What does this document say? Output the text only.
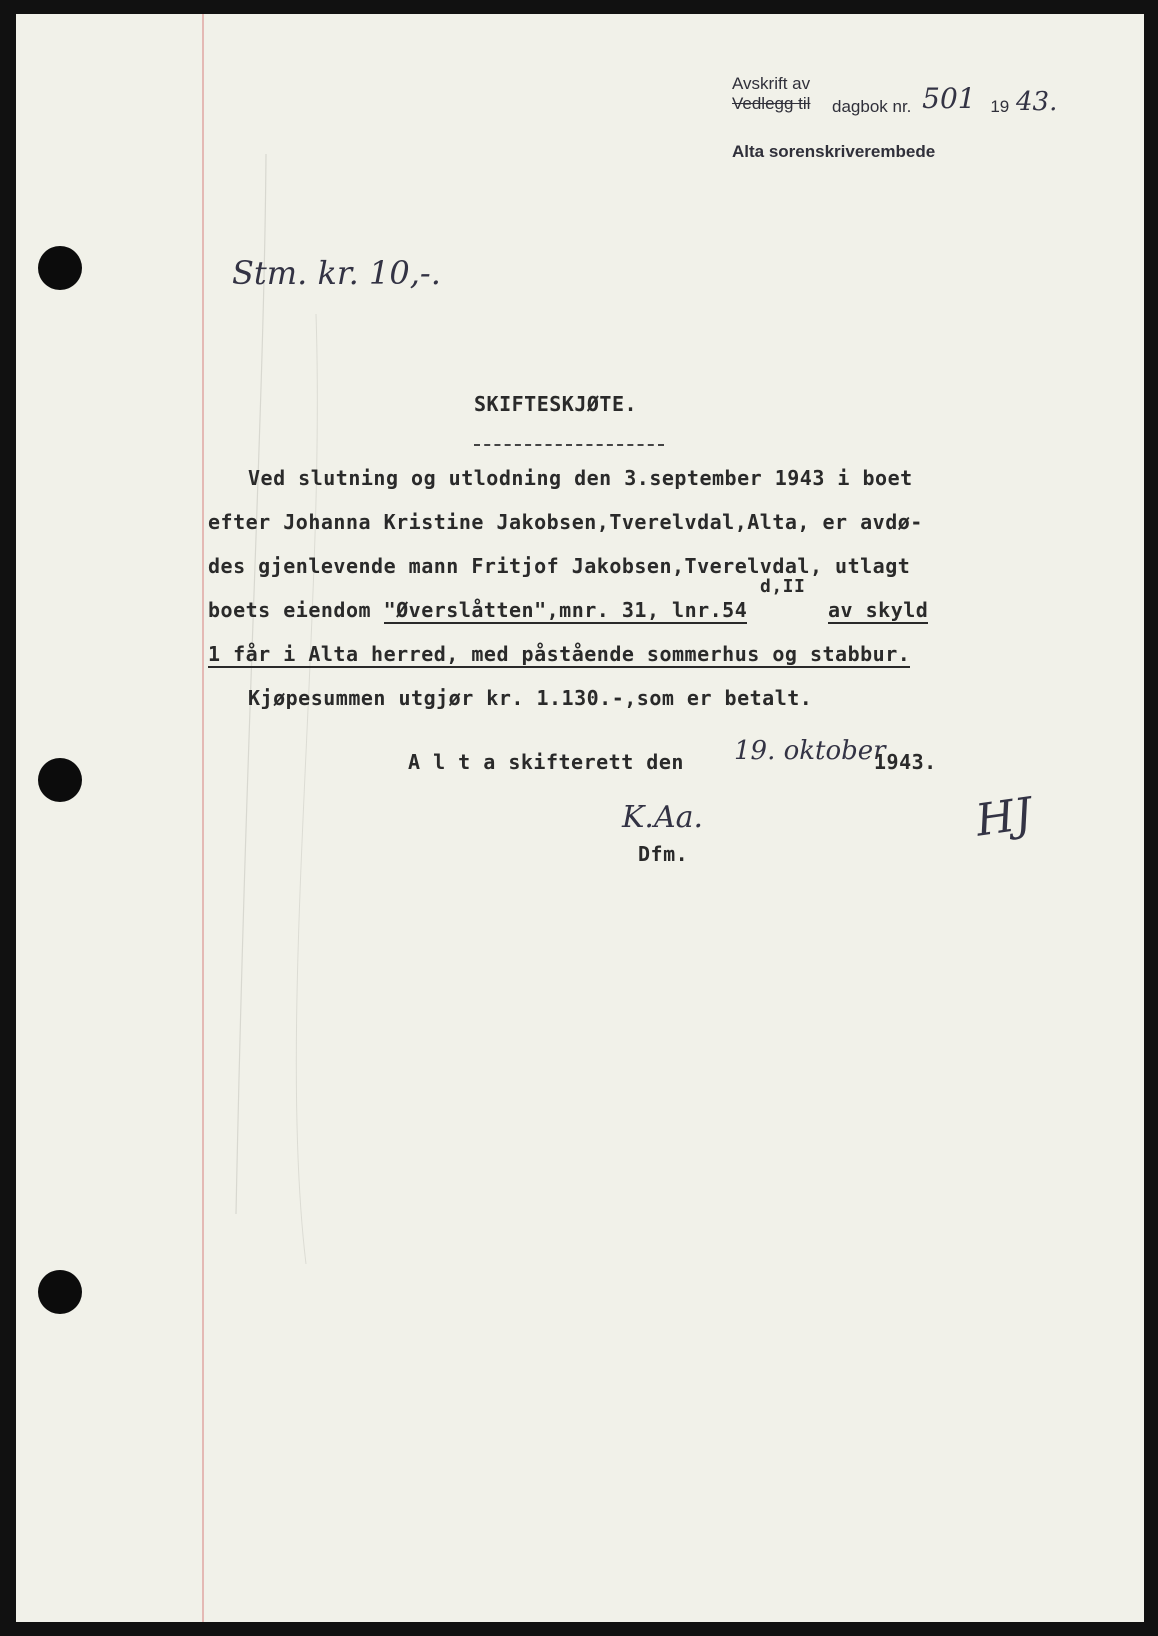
Avskrift av
Vedlegg til dagbok nr. 501 19 43.
Alta sorenskriverembede
Stm. kr. 10,-.
SKIFTESKJØTE.
Ved slutning og utlodning den 3.september 1943 i boet
efter Johanna Kristine Jakobsen,Tverelvdal,Alta, er avdø-
des gjenlevende mann Fritjof Jakobsen,Tverelvdal, utlagt
d,II
boets eiendom "Øverslåtten",mnr. 31, lnr.54	av skyld
1 får i Alta herred, med påstående sommerhus og stabbur.
Kjøpesummen utgjør kr. 1.130.-,som er betalt.
A l t a skifterett den 19. oktober
1943.
K.Aa.
Dfm.
HJ
